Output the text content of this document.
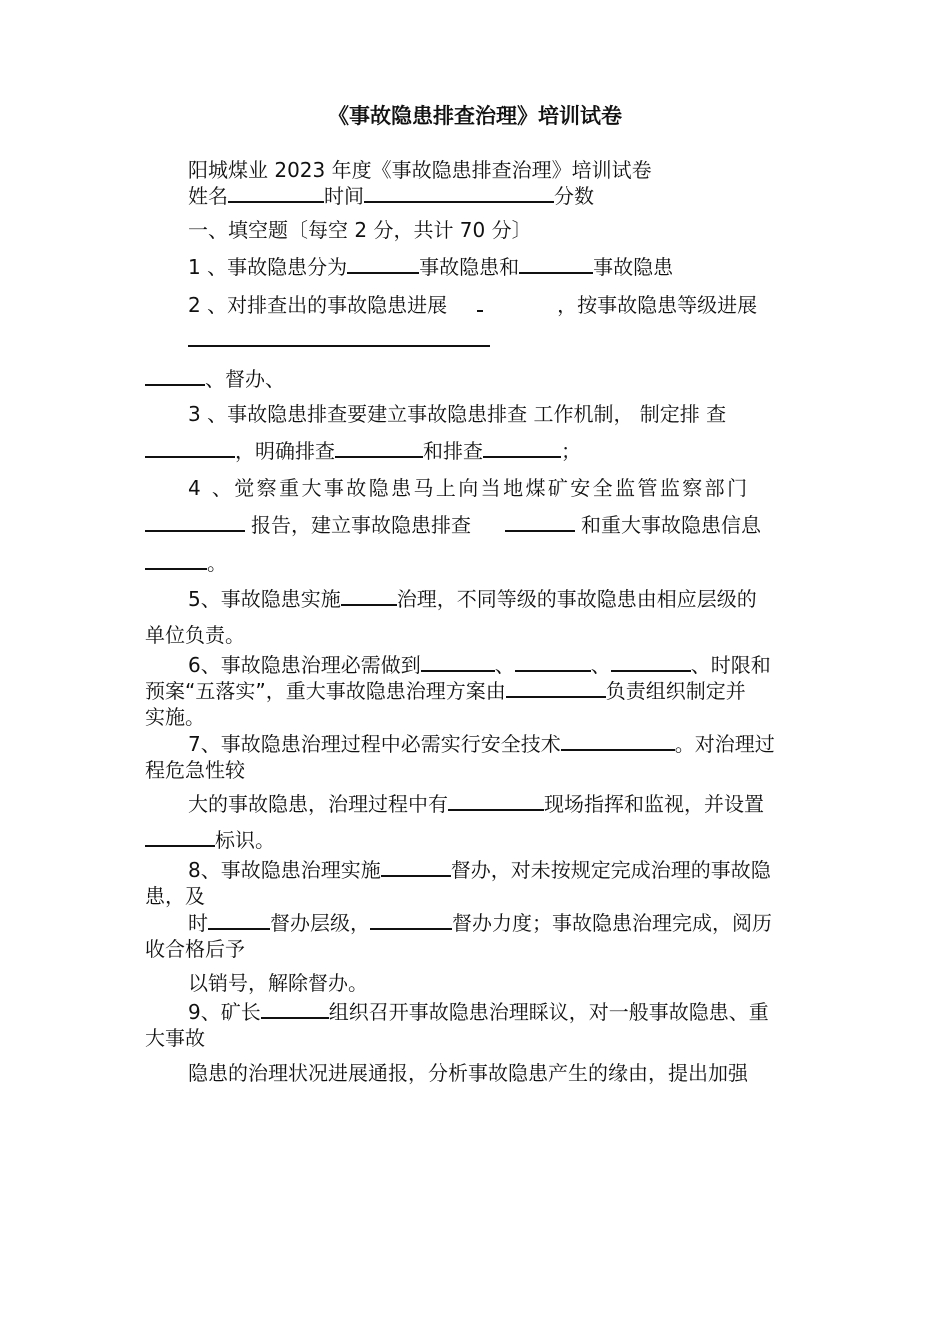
《事故隐患排查治理》培训试卷
阳城煤业 2023 年度《事故隐患排查治理》培训试卷
姓名	时间	分数
一、填空题〔每空 2 分，共计 70 分〕
1 、事故隐患分为	事故隐患和	事故隐患
2 、对排查出的事故隐患进展	，按事故隐患等级进展
、督办、
3 、事故隐患排查要建立事故隐患排查 工作机制， 制定排 查
，明确排查	和排查	；
4 、觉察重大事故隐患马上向当地煤矿安全监管监察部门
报告，建立事故隐患排查	和重大事故隐患信息
。
5、事故隐患实施	治理，不同等级的事故隐患由相应层级的
单位负责。
6、事故隐患治理必需做到	、	、	、时限和
预案“五落实”，重大事故隐患治理方案由	负责组织制定并
实施。
7、事故隐患治理过程中必需实行安全技术	。对治理过
程危急性较
大的事故隐患，治理过程中有	现场指挥和监视，并设置
标识。
8、事故隐患治理实施	督办，对未按规定完成治理的事故隐
患，及
时	督办层级，	督办力度；事故隐患治理完成，阅历
收合格后予
以销号，解除督办。
9、矿长	组织召开事故隐患治理睬议，对一般事故隐患、重
大事故
隐患的治理状况进展通报，分析事故隐患产生的缘由，提出加强
